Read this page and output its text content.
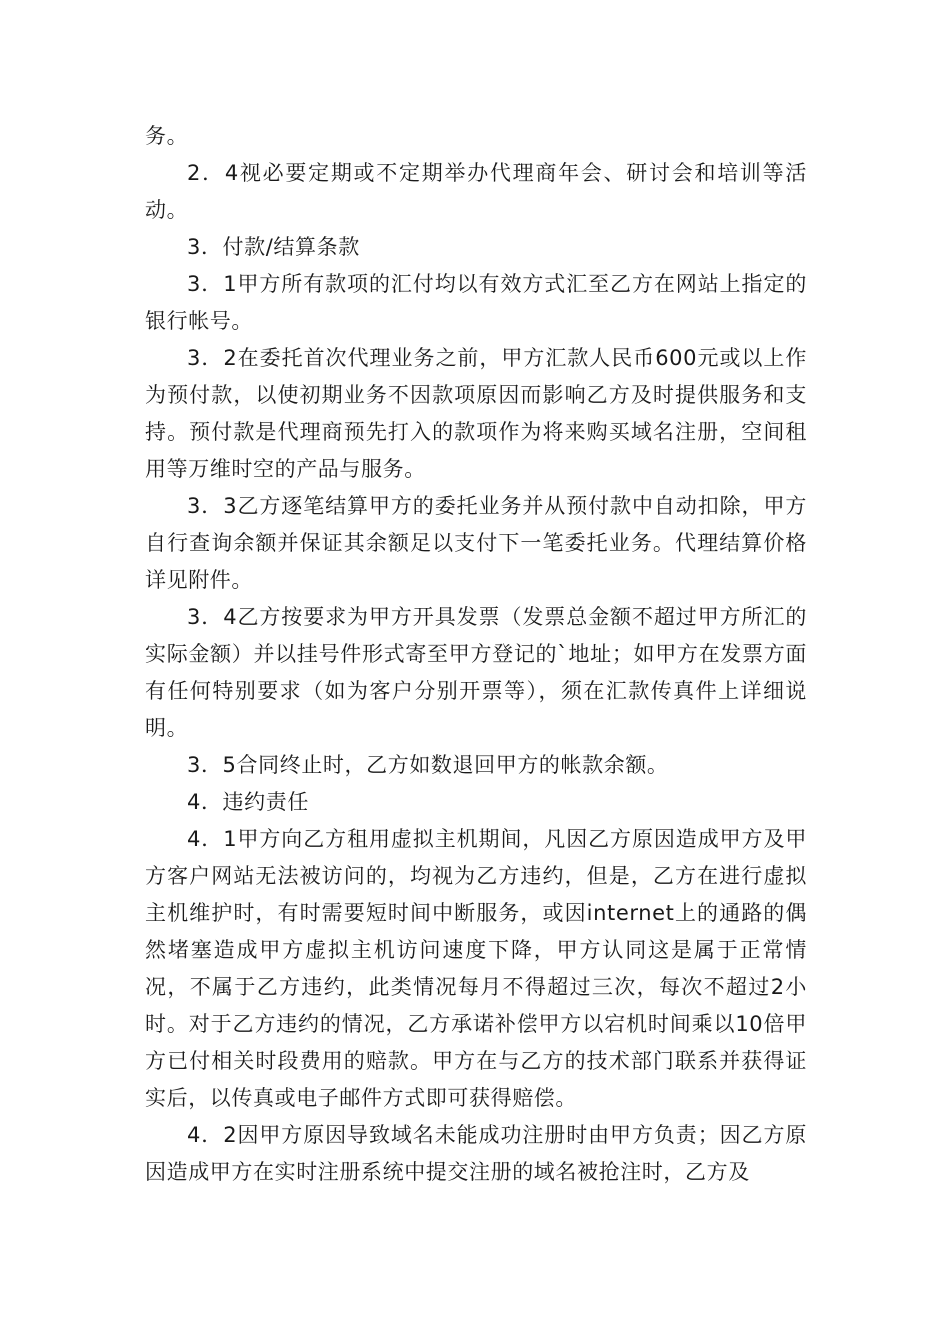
务。

2．4视必要定期或不定期举办代理商年会、研讨会和培训等活动。

3．付款/结算条款

3．1甲方所有款项的汇付均以有效方式汇至乙方在网站上指定的银行帐号。

3．2在委托首次代理业务之前，甲方汇款人民币600元或以上作为预付款，以使初期业务不因款项原因而影响乙方及时提供服务和支持。预付款是代理商预先打入的款项作为将来购买域名注册，空间租用等万维时空的产品与服务。

3．3乙方逐笔结算甲方的委托业务并从预付款中自动扣除，甲方自行查询余额并保证其余额足以支付下一笔委托业务。代理结算价格详见附件。

3．4乙方按要求为甲方开具发票（发票总金额不超过甲方所汇的实际金额）并以挂号件形式寄至甲方登记的`地址；如甲方在发票方面有任何特别要求（如为客户分别开票等），须在汇款传真件上详细说明。

3．5合同终止时，乙方如数退回甲方的帐款余额。

4．违约责任

4．1甲方向乙方租用虚拟主机期间，凡因乙方原因造成甲方及甲方客户网站无法被访问的，均视为乙方违约，但是，乙方在进行虚拟主机维护时，有时需要短时间中断服务，或因internet上的通路的偶然堵塞造成甲方虚拟主机访问速度下降，甲方认同这是属于正常情况，不属于乙方违约，此类情况每月不得超过三次，每次不超过2小时。对于乙方违约的情况，乙方承诺补偿甲方以宕机时间乘以10倍甲方已付相关时段费用的赔款。甲方在与乙方的技术部门联系并获得证实后，以传真或电子邮件方式即可获得赔偿。

4．2因甲方原因导致域名未能成功注册时由甲方负责；因乙方原因造成甲方在实时注册系统中提交注册的域名被抢注时，乙方及
